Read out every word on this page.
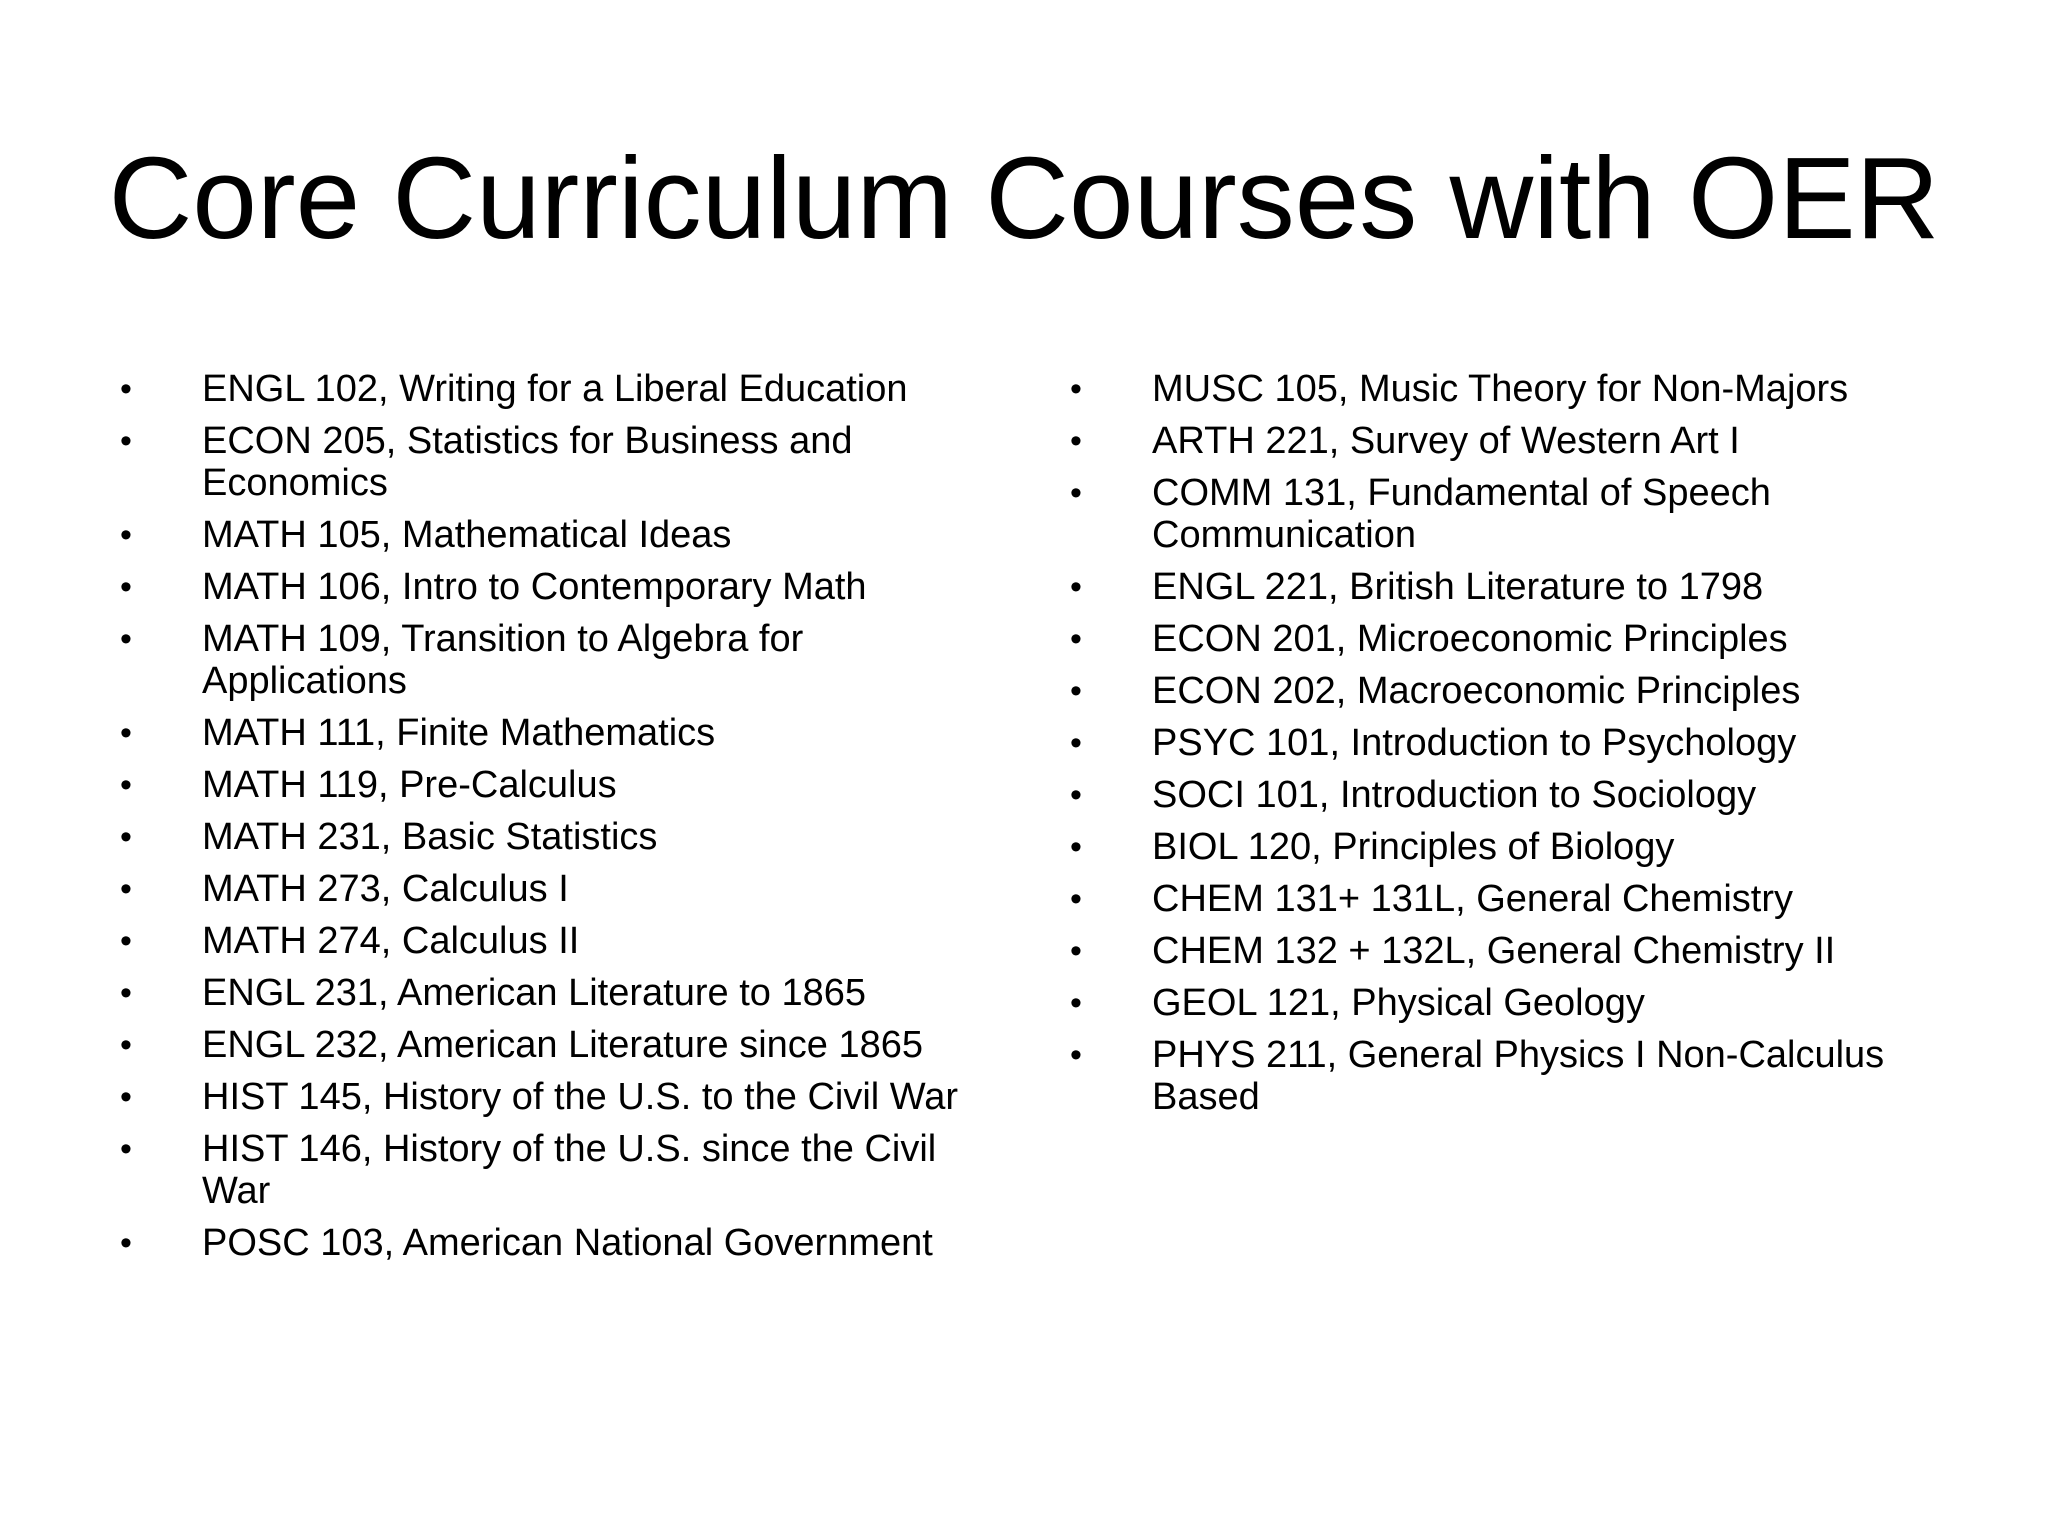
Core Curriculum Courses with OER
•	ENGL 102, Writing for a Liberal Education
•	ECON 205, Statistics for Business and Economics
•	MATH 105, Mathematical Ideas
•	MATH 106, Intro to Contemporary Math
•	MATH 109, Transition to Algebra for Applications
•	MATH 111, Finite Mathematics
•	MATH 119, Pre-Calculus
•	MATH 231, Basic Statistics
•	MATH 273, Calculus I
•	MATH 274, Calculus II
•	ENGL 231, American Literature to 1865
•	ENGL 232, American Literature since 1865
•	HIST 145, History of the U.S. to the Civil War
•	HIST 146, History of the U.S. since the Civil War
•	POSC 103, American National Government
•	MUSC 105, Music Theory for Non-Majors
•	ARTH 221, Survey of Western Art I
•	COMM 131, Fundamental of Speech Communication
•	ENGL 221, British Literature to 1798
•	ECON 201, Microeconomic Principles
•	ECON 202, Macroeconomic Principles
•	PSYC 101, Introduction to Psychology
•	SOCI 101, Introduction to Sociology
•	BIOL 120, Principles of Biology
•	CHEM 131+ 131L, General Chemistry
•	CHEM 132 + 132L, General Chemistry II
•	GEOL 121, Physical Geology
•	PHYS 211, General Physics I Non-Calculus Based
